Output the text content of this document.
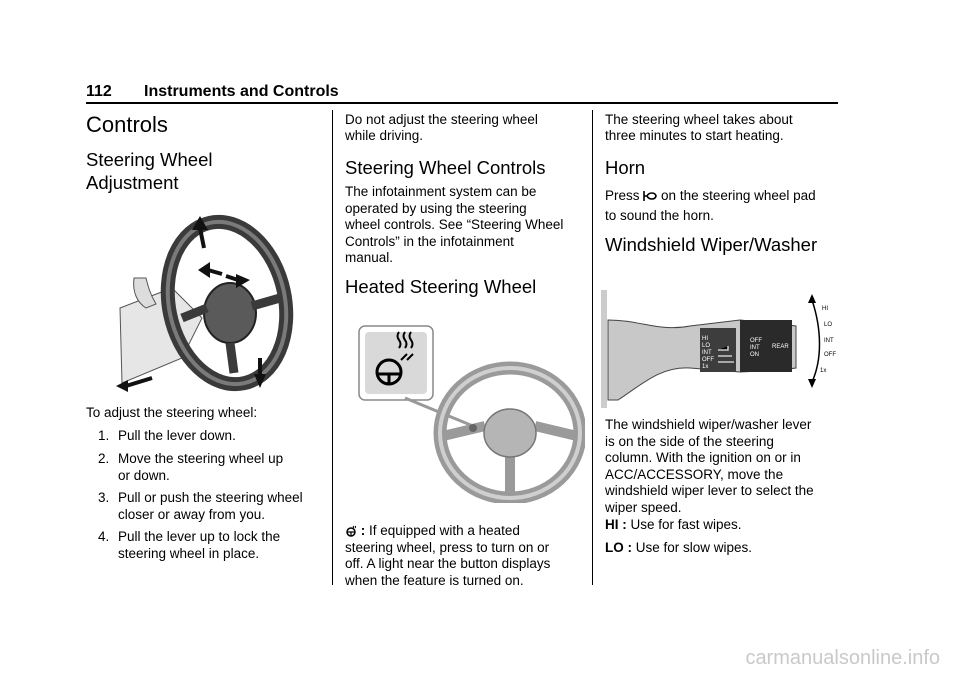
112 Instruments and Controls
Controls
Steering Wheel
Adjustment
To adjust the steering wheel:
1. Pull the lever down.
2. Move the steering wheel up
or down.
3. Pull or push the steering wheel
closer or away from you.
4. Pull the lever up to lock the
steering wheel in place.
Do not adjust the steering wheel
while driving.
Steering Wheel Controls
The infotainment system can be
operated by using the steering
wheel controls. See “Steering Wheel
Controls” in the infotainment
manual.
Heated Steering Wheel
: If equipped with a heated
steering wheel, press to turn on or
off. A light near the button displays
when the feature is turned on.
The steering wheel takes about
three minutes to start heating.
Horn
Press on the steering wheel pad
to sound the horn.
Windshield Wiper/Washer
HI
LO
INT
OFF
1x
OFF
INT
ON
REAR
HI
LO
INT
OFF
1x
The windshield wiper/washer lever
is on the side of the steering
column. With the ignition on or in
ACC/ACCESSORY, move the
windshield wiper lever to select the
wiper speed.
HI : Use for fast wipes.
LO : Use for slow wipes.
carmanualsonline.info
